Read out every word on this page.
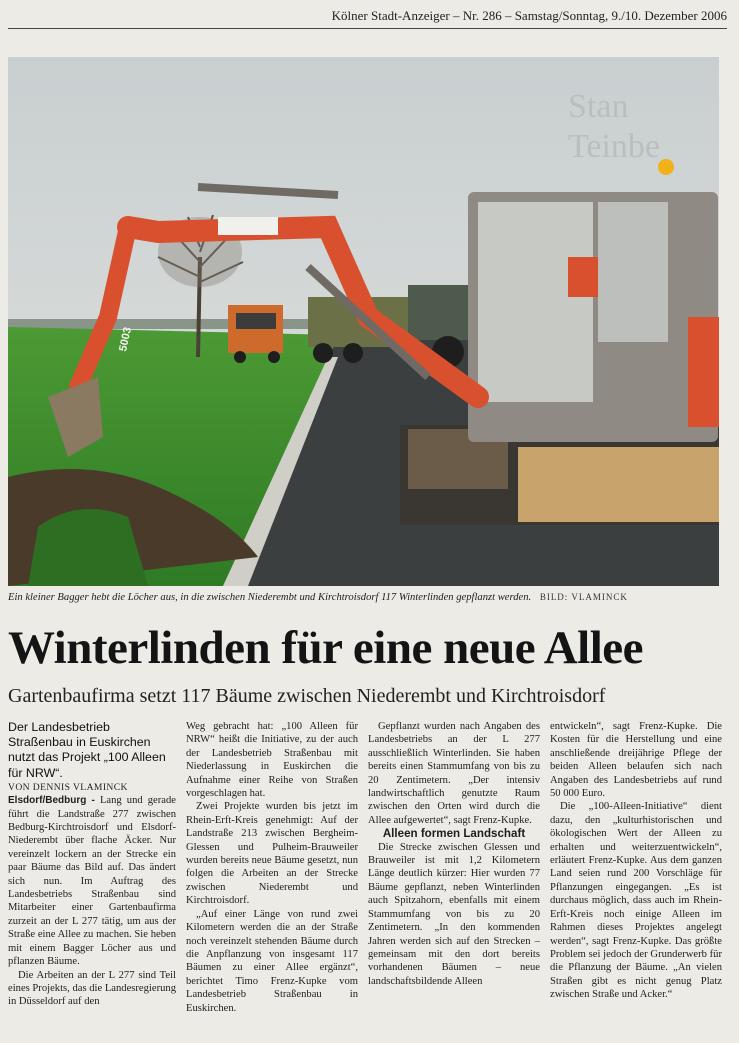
Kölner Stadt-Anzeiger – Nr. 286 – Samstag/Sonntag, 9./10. Dezember 2006
Stan
Teinbe
5003
Ein kleiner Bagger hebt die Löcher aus, in die zwischen Niederembt und Kirchtroisdorf 117 Winterlinden gepflanzt werden. BILD: VLAMINCK
Winterlinden für eine neue Allee
Gartenbaufirma setzt 117 Bäume zwischen Niederembt und Kirchtroisdorf

Der Landesbetrieb Straßenbau in Euskirchen nutzt das Projekt „100 Alleen für NRW“.

VON DENNIS VLAMINCK

Elsdorf/Bedburg - Lang und gerade führt die Landstraße 277 zwischen Bedburg-Kirchtroisdorf und Elsdorf-Niederembt über flache Äcker. Nur vereinzelt lockern an der Strecke ein paar Bäume das Bild auf. Das ändert sich nun. Im Auftrag des Landesbetriebs Straßenbau sind Mitarbeiter einer Gartenbaufirma zurzeit an der L 277 tätig, um aus der Straße eine Allee zu machen. Sie heben mit einem Bagger Löcher aus und pflanzen Bäume.

Die Arbeiten an der L 277 sind Teil eines Projekts, das die Landesregierung in Düsseldorf auf den

Weg gebracht hat: „100 Alleen für NRW“ heißt die Initiative, zu der auch der Landesbetrieb Straßenbau mit Niederlassung in Euskirchen die Aufnahme einer Reihe von Straßen vorgeschlagen hat.

Zwei Projekte wurden bis jetzt im Rhein-Erft-Kreis genehmigt: Auf der Landstraße 213 zwischen Bergheim-Glessen und Pulheim-Brauweiler wurden bereits neue Bäume gesetzt, nun folgen die Arbeiten an der Strecke zwischen Niederembt und Kirchtroisdorf.

„Auf einer Länge von rund zwei Kilometern werden die an der Straße noch vereinzelt stehenden Bäume durch die Anpflanzung von insgesamt 117 Bäumen zu einer Allee ergänzt“, berichtet Timo Frenz-Kupke vom Landesbetrieb Straßenbau in Euskirchen.

Gepflanzt wurden nach Angaben des Landesbetriebs an der L 277 ausschließlich Winterlinden. Sie haben bereits einen Stammumfang von bis zu 20 Zentimetern. „Der intensiv landwirtschaftlich genutzte Raum zwischen den Orten wird durch die Allee aufgewertet“, sagt Frenz-Kupke.

Alleen formen Landschaft

Die Strecke zwischen Glessen und Brauweiler ist mit 1,2 Kilometern Länge deutlich kürzer: Hier wurden 77 Bäume gepflanzt, neben Winterlinden auch Spitzahorn, ebenfalls mit einem Stammumfang von bis zu 20 Zentimetern. „In den kommenden Jahren werden sich auf den Strecken – gemeinsam mit den dort bereits vorhandenen Bäumen – neue landschaftsbildende Alleen

entwickeln“, sagt Frenz-Kupke. Die Kosten für die Herstellung und eine anschließende dreijährige Pflege der beiden Alleen belaufen sich nach Angaben des Landesbetriebs auf rund 50 000 Euro.

Die „100-Alleen-Initiative“ dient dazu, den „kulturhistorischen und ökologischen Wert der Alleen zu erhalten und weiterzuentwickeln“, erläutert Frenz-Kupke. Aus dem ganzen Land seien rund 200 Vorschläge für Pflanzungen eingegangen. „Es ist durchaus möglich, dass auch im Rhein-Erft-Kreis noch einige Alleen im Rahmen dieses Projektes angelegt werden“, sagt Frenz-Kupke. Das größte Problem sei jedoch der Grunderwerb für die Pflanzung der Bäume. „An vielen Straßen gibt es nicht genug Platz zwischen Straße und Acker.“
